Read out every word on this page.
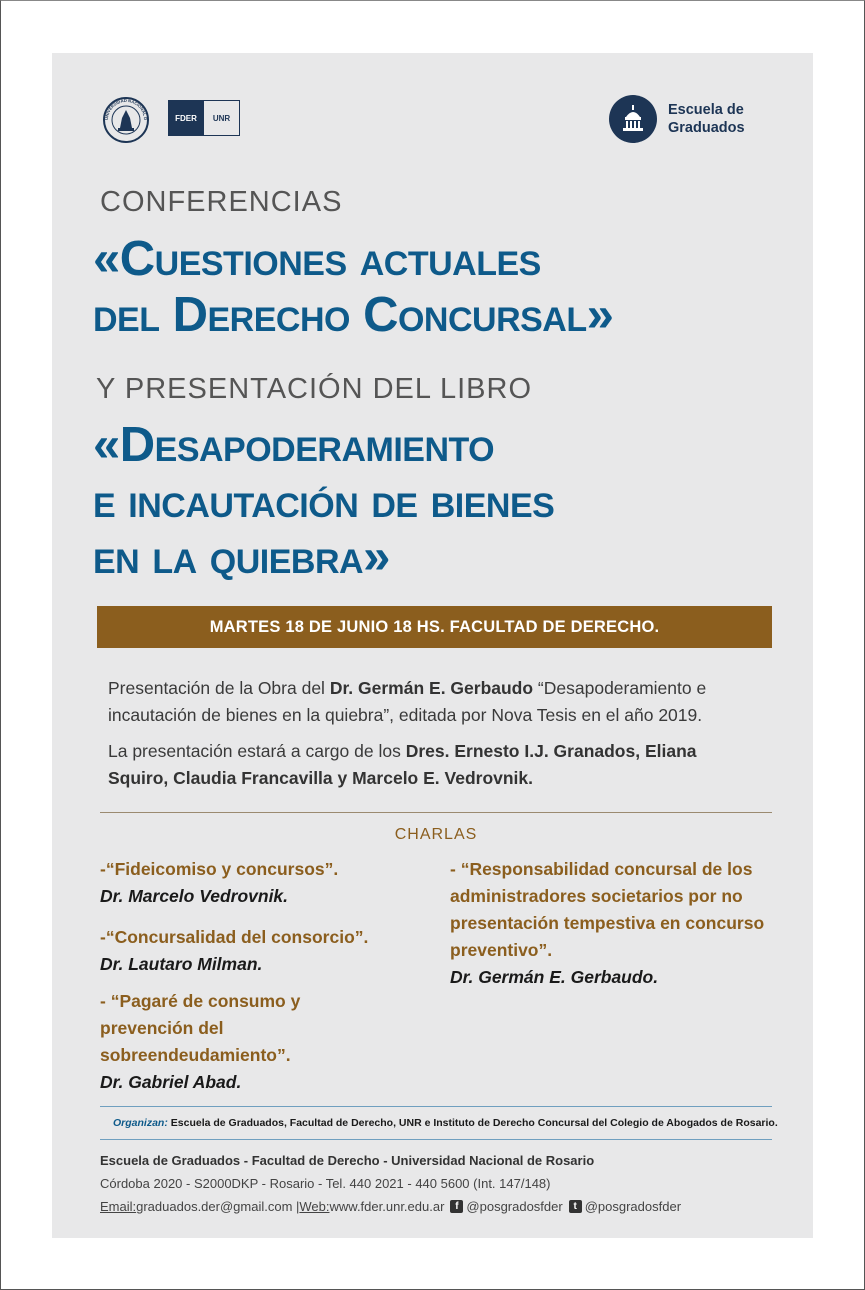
UNIVERSIDAD NACIONAL D	FDER	UNR	Escuela de
Graduados
CONFERENCIAS
«Cuestiones actuales
del Derecho Concursal»
Y PRESENTACIÓN DEL LIBRO
«Desapoderamiento
e incautación de bienes
en la quiebra»
MARTES 18 DE JUNIO 18 HS. FACULTAD DE DERECHO.
Presentación de la Obra del Dr. Germán E. Gerbaudo “Desapoderamiento e incautación de bienes en la quiebra”, editada por Nova Tesis en el año 2019.
La presentación estará a cargo de los Dres. Ernesto I.J. Granados, Eliana Squiro, Claudia Francavilla y Marcelo E. Vedrovnik.
CHARLAS
-“Fideicomiso y concursos”.
Dr. Marcelo Vedrovnik.
-“Concursalidad del consorcio”.
Dr. Lautaro Milman.
- “Pagaré de consumo y prevención del sobreendeudamiento”.
Dr. Gabriel Abad.
- “Responsabilidad concursal de los administradores societarios por no presentación tempestiva en concurso preventivo”.
Dr. Germán E. Gerbaudo.
Organizan: Escuela de Graduados, Facultad de Derecho, UNR e Instituto de Derecho Concursal del Colegio de Abogados de Rosario.
Escuela de Graduados - Facultad de Derecho - Universidad Nacional de Rosario
Córdoba 2020 - S2000DKP - Rosario - Tel. 440 2021 - 440 5600 (Int. 147/148)
Email: graduados.der@gmail.com | Web: www.fder.unr.edu.ar	f @posgradosfder	t @posgradosfder
